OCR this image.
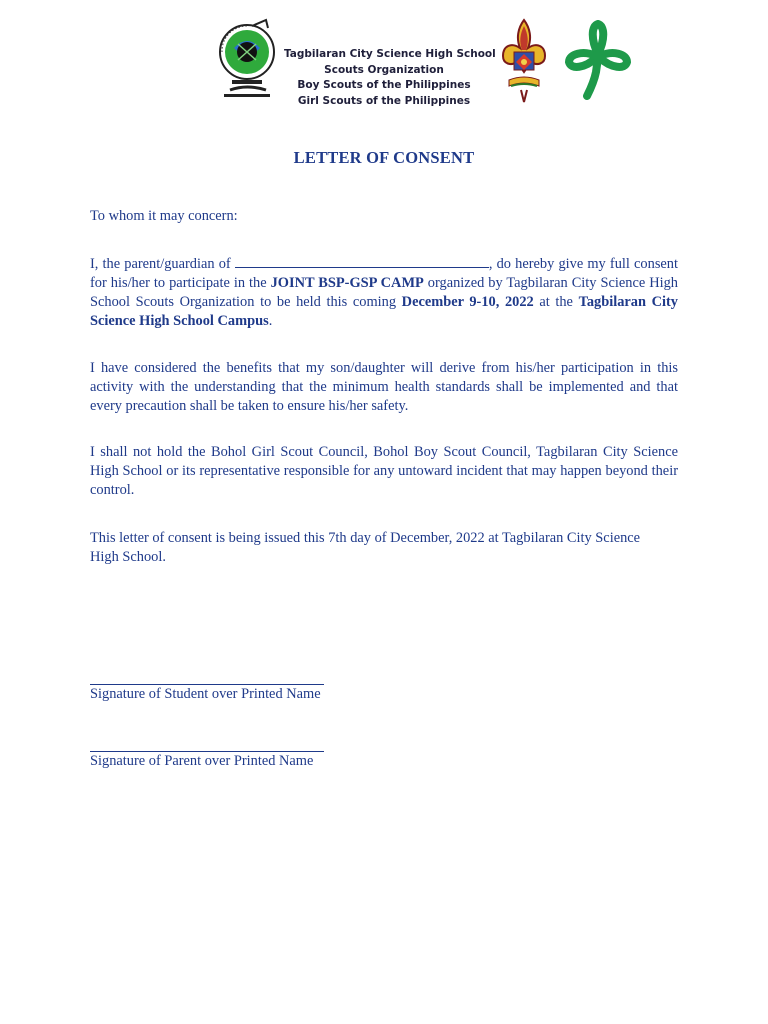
Tagbilaran City Science High School
Scouts Organization
Boy Scouts of the Philippines
Girl Scouts of the Philippines
LETTER OF CONSENT

To whom it may concern:

I, the parent/guardian of	, do hereby give my full consent for his/her to participate in the JOINT BSP-GSP CAMP organized by Tagbilaran City Science High School Scouts Organization to be held this coming December 9-10, 2022 at the Tagbilaran City Science High School Campus.

I have considered the benefits that my son/daughter will derive from his/her participation in this activity with the understanding that the minimum health standards shall be implemented and that every precaution shall be taken to ensure his/her safety.

I shall not hold the Bohol Girl Scout Council, Bohol Boy Scout Council, Tagbilaran City Science High School or its representative responsible for any untoward incident that may happen beyond their control.

This letter of consent is being issued this 7th day of December, 2022 at Tagbilaran City Science
High School.
Signature of Student over Printed Name
Signature of Parent over Printed Name
